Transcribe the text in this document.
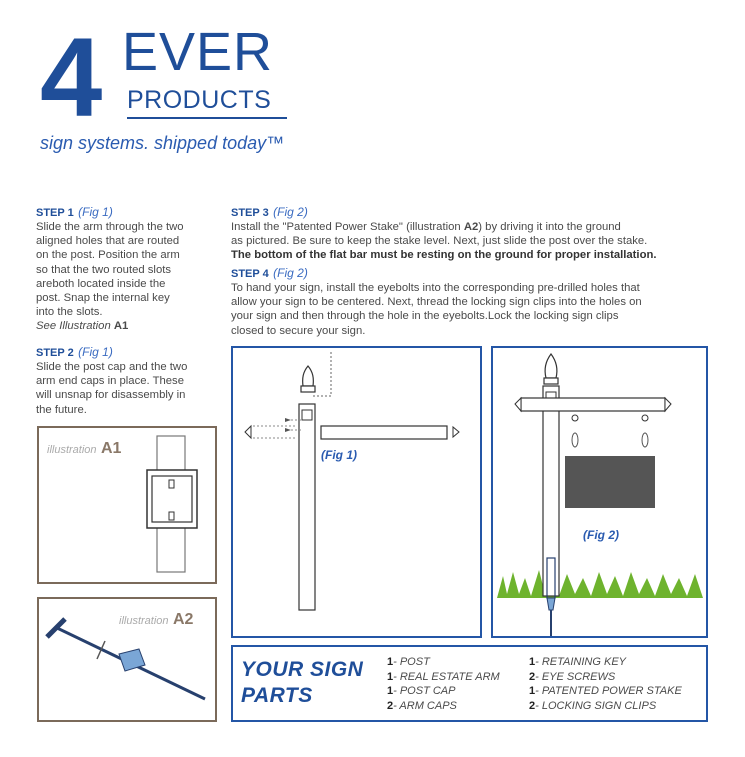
4 EVER
PRODUCTS
sign systems. shipped today™
STEP 1 (Fig 1)
Slide the arm through the two
aligned holes that are routed
on the post. Position the arm
so that the two routed slots
areboth located inside the
post. Snap the internal key
into the slots.
See Illustration A1
STEP 2 (Fig 1)
Slide the post cap and the two
arm end caps in place. These
will unsnap for disassembly in
the future.
STEP 3 (Fig 2)
Install the "Patented Power Stake" (illustration A2) by driving it into the ground
as pictured. Be sure to keep the stake level. Next, just slide the post over the stake.
The bottom of the flat bar must be resting on the ground for proper installation.
STEP 4 (Fig 2)
To hand your sign, install the eyebolts into the corresponding pre-drilled holes that
allow your sign to be centered. Next, thread the locking sign clips into the holes on
your sign and then through the hole in the eyebolts.Lock the locking sign clips
closed to secure your sign.
illustration A1
illustration A2
(Fig 1)
(Fig 2)
YOUR SIGN
PARTS
1- POST
1- REAL ESTATE ARM
1- POST CAP
2- ARM CAPS
1- RETAINING KEY
2- EYE SCREWS
1- PATENTED POWER STAKE
2- LOCKING SIGN CLIPS
